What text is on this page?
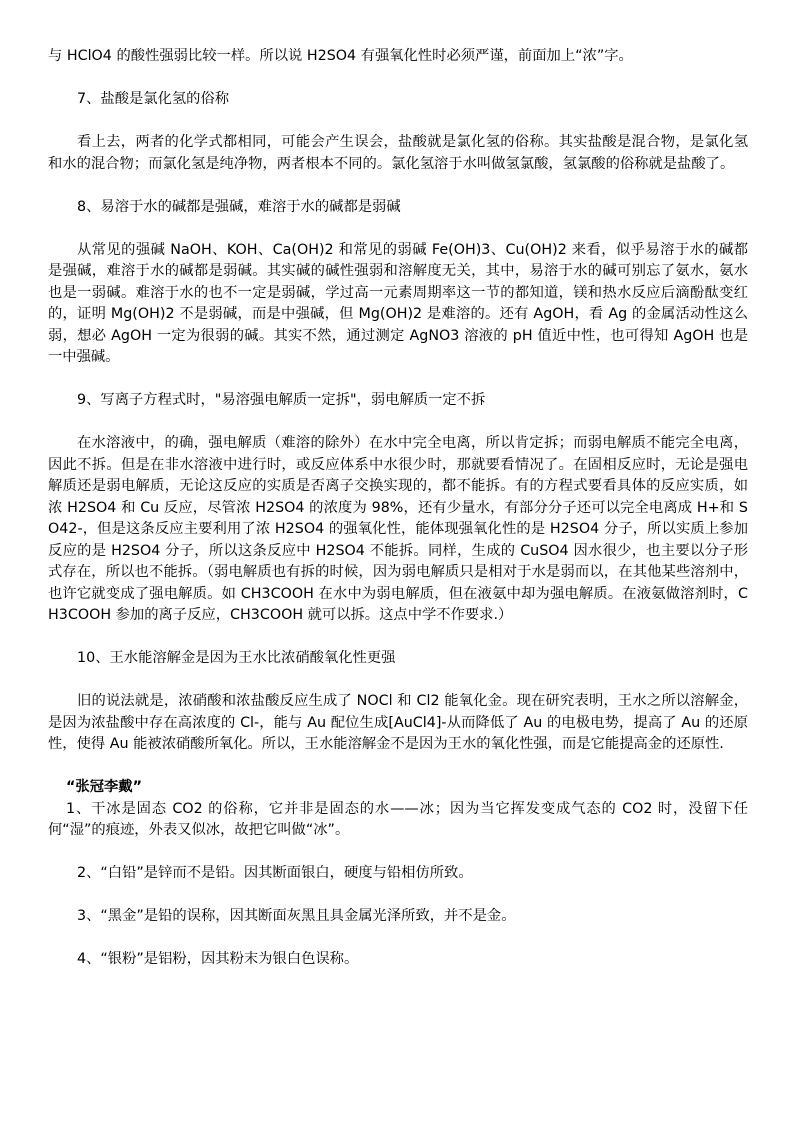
与 HClO4 的酸性强弱比较一样。所以说 H2SO4 有强氧化性时必须严谨，前面加上“浓”字。

7、盐酸是氯化氢的俗称

看上去，两者的化学式都相同，可能会产生误会，盐酸就是氯化氢的俗称。其实盐酸是混合物，是氯化氢和水的混合物；而氯化氢是纯净物，两者根本不同的。氯化氢溶于水叫做氢氯酸，氢氯酸的俗称就是盐酸了。

8、易溶于水的碱都是强碱，难溶于水的碱都是弱碱

从常见的强碱 NaOH、KOH、Ca(OH)2 和常见的弱碱 Fe(OH)3、Cu(OH)2 来看，似乎易溶于水的碱都是强碱，难溶于水的碱都是弱碱。其实碱的碱性强弱和溶解度无关，其中，易溶于水的碱可别忘了氨水，氨水也是一弱碱。难溶于水的也不一定是弱碱，学过高一元素周期率这一节的都知道，镁和热水反应后滴酚酞变红的，证明 Mg(OH)2 不是弱碱，而是中强碱，但 Mg(OH)2 是难溶的。还有 AgOH，看 Ag 的金属活动性这么弱，想必 AgOH 一定为很弱的碱。其实不然，通过测定 AgNO3 溶液的 pH 值近中性，也可得知 AgOH 也是一中强碱。

9、写离子方程式时，"易溶强电解质一定拆"，弱电解质一定不拆

在水溶液中，的确，强电解质（难溶的除外）在水中完全电离，所以肯定拆；而弱电解质不能完全电离，因此不拆。但是在非水溶液中进行时，或反应体系中水很少时，那就要看情况了。在固相反应时，无论是强电解质还是弱电解质，无论这反应的实质是否离子交换实现的，都不能拆。有的方程式要看具体的反应实质，如浓 H2SO4 和 Cu 反应，尽管浓 H2SO4 的浓度为 98%，还有少量水，有部分分子还可以完全电离成 H+和 SO42-，但是这条反应主要利用了浓 H2SO4 的强氧化性，能体现强氧化性的是 H2SO4 分子，所以实质上参加反应的是 H2SO4 分子，所以这条反应中 H2SO4 不能拆。同样，生成的 CuSO4 因水很少，也主要以分子形式存在，所以也不能拆。（弱电解质也有拆的时候，因为弱电解质只是相对于水是弱而以，在其他某些溶剂中，也许它就变成了强电解质。如 CH3COOH 在水中为弱电解质，但在液氨中却为强电解质。在液氨做溶剂时，CH3COOH 参加的离子反应，CH3COOH 就可以拆。这点中学不作要求.）

10、王水能溶解金是因为王水比浓硝酸氧化性更强

旧的说法就是，浓硝酸和浓盐酸反应生成了 NOCl 和 Cl2 能氧化金。现在研究表明，王水之所以溶解金，是因为浓盐酸中存在高浓度的 Cl-，能与 Au 配位生成[AuCl4]-从而降低了 Au 的电极电势，提高了 Au 的还原性，使得 Au 能被浓硝酸所氧化。所以，王水能溶解金不是因为王水的氧化性强，而是它能提高金的还原性.

“张冠李戴”

1、干冰是固态 CO2 的俗称，它并非是固态的水——冰；因为当它挥发变成气态的 CO2 时，没留下任何“湿”的痕迹，外表又似冰，故把它叫做“冰”。

2、“白铅”是锌而不是铅。因其断面银白，硬度与铅相仿所致。

3、“黑金”是铅的误称，因其断面灰黑且具金属光泽所致，并不是金。

4、“银粉”是铝粉，因其粉末为银白色误称。
